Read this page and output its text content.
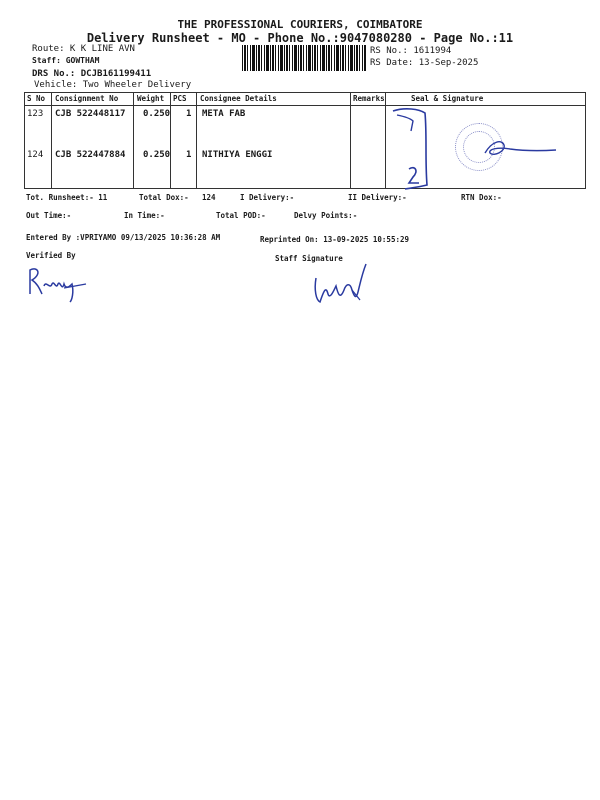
THE PROFESSIONAL COURIERS, COIMBATORE
Delivery Runsheet - MO - Phone No.:9047080280 - Page No.:11
Route: K K LINE AVN
Staff: GOWTHAM
DRS No.: DCJB161199411
Vehicle: Two Wheeler Delivery
RS No.: 1611994
RS Date: 13-Sep-2025
S No Consignment No	Weight PCS Consignee Details	Remarks	Seal & Signature
123 CJB 522448117 0.250 1 META FAB
124 CJB 522447884 0.250 1 NITHIYA ENGGI
Tot. Runsheet:- 11	Total Dox:- 124	I Delivery:-	II Delivery:-	RTN Dox:-
Out Time:-	In Time:-	Total POD:-	Delvy Points:-
Entered By :VPRIYAMO 09/13/2025 10:36:28 AM	Reprinted On: 13-09-2025 10:55:29
Verified By	Staff Signature
